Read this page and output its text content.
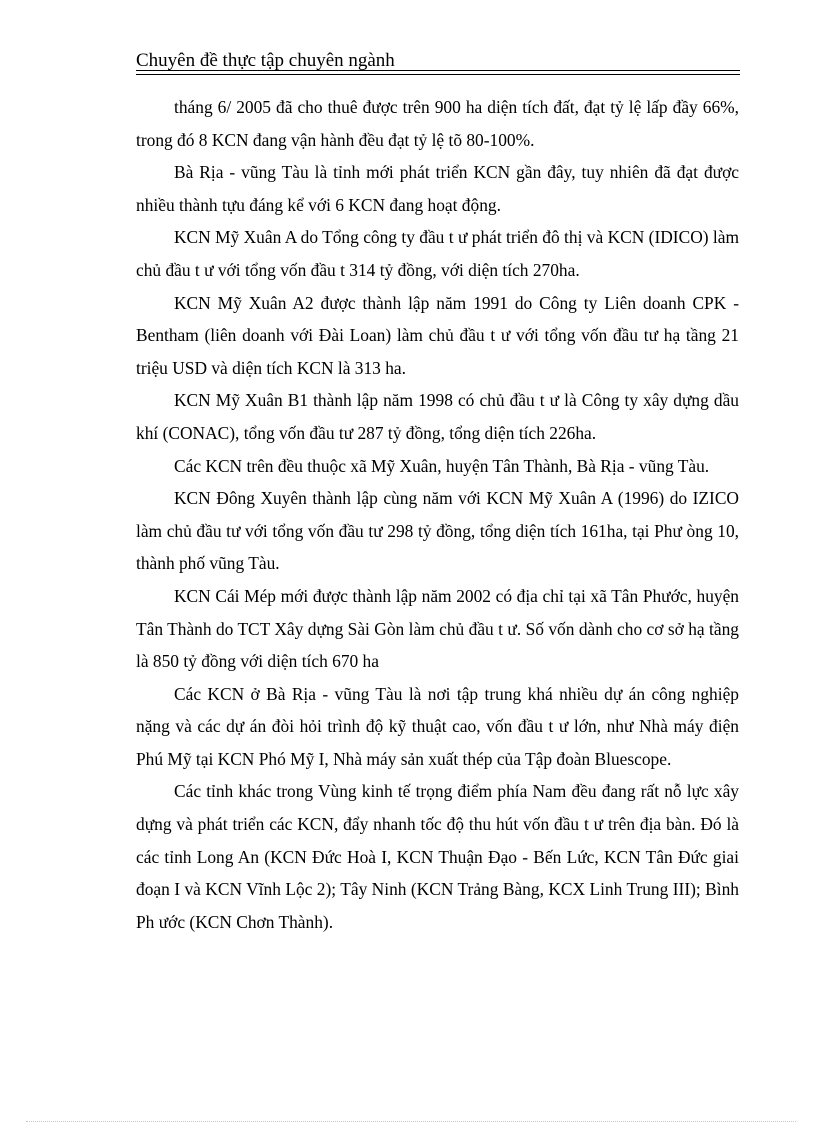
Chuyên đề thực tập chuyên ngành

tháng 6/ 2005 đã cho thuê được trên 900 ha diện tích đất, đạt tỷ lệ lấp đầy 66%, trong đó 8 KCN đang vận hành đều đạt tỷ lệ tõ 80-100%.

Bà Rịa - vũng Tàu là tỉnh mới phát triển KCN gần đây, tuy nhiên đã đạt được nhiều thành tựu đáng kể với 6 KCN đang hoạt động.

KCN Mỹ Xuân A do Tổng công ty đầu t ư phát triển đô thị và KCN (IDICO) làm chủ đầu t ư với tổng vốn đầu t 314 tỷ đồng, với diện tích 270ha.

KCN Mỹ Xuân A2 được thành lập năm 1991 do Công ty Liên doanh CPK - Bentham (liên doanh với Đài Loan) làm chủ đầu t ư với tổng vốn đầu tư hạ tầng 21 triệu USD và diện tích KCN là 313 ha.

KCN Mỹ Xuân B1 thành lập năm 1998 có chủ đầu t ư là Công ty xây dựng dầu khí (CONAC), tổng vốn đầu tư 287 tỷ đồng, tổng diện tích 226ha.

Các KCN trên đều thuộc xã Mỹ Xuân, huyện Tân Thành, Bà Rịa - vũng Tàu.

KCN Đông Xuyên thành lập cùng năm với KCN Mỹ Xuân A (1996) do IZICO làm chủ đầu tư với tổng vốn đầu tư 298 tỷ đồng, tổng diện tích 161ha, tại Phư òng 10, thành phố vũng Tàu.

KCN Cái Mép mới được thành lập năm 2002 có địa chỉ tại xã Tân Phước, huyện Tân Thành do TCT Xây dựng Sài Gòn làm chủ đầu t ư. Số vốn dành cho cơ sở hạ tầng là 850 tỷ đồng với diện tích 670 ha

Các KCN ở Bà Rịa - vũng Tàu là nơi tập trung khá nhiều dự án công nghiệp nặng và các dự án đòi hỏi trình độ kỹ thuật cao, vốn đầu t ư lớn, như Nhà máy điện Phú Mỹ tại KCN Phó Mỹ I, Nhà máy sản xuất thép của Tập đoàn Bluescope.

Các tỉnh khác trong Vùng kinh tế trọng điểm phía Nam đều đang rất nỗ lực xây dựng và phát triển các KCN, đẩy nhanh tốc độ thu hút vốn đầu t ư trên địa bàn. Đó là các tỉnh Long An (KCN Đức Hoà I, KCN Thuận Đạo - Bến Lức, KCN Tân Đức giai đoạn I và KCN Vĩnh Lộc 2); Tây Ninh (KCN Trảng Bàng, KCX Linh Trung III); Bình Ph ước (KCN Chơn Thành).
